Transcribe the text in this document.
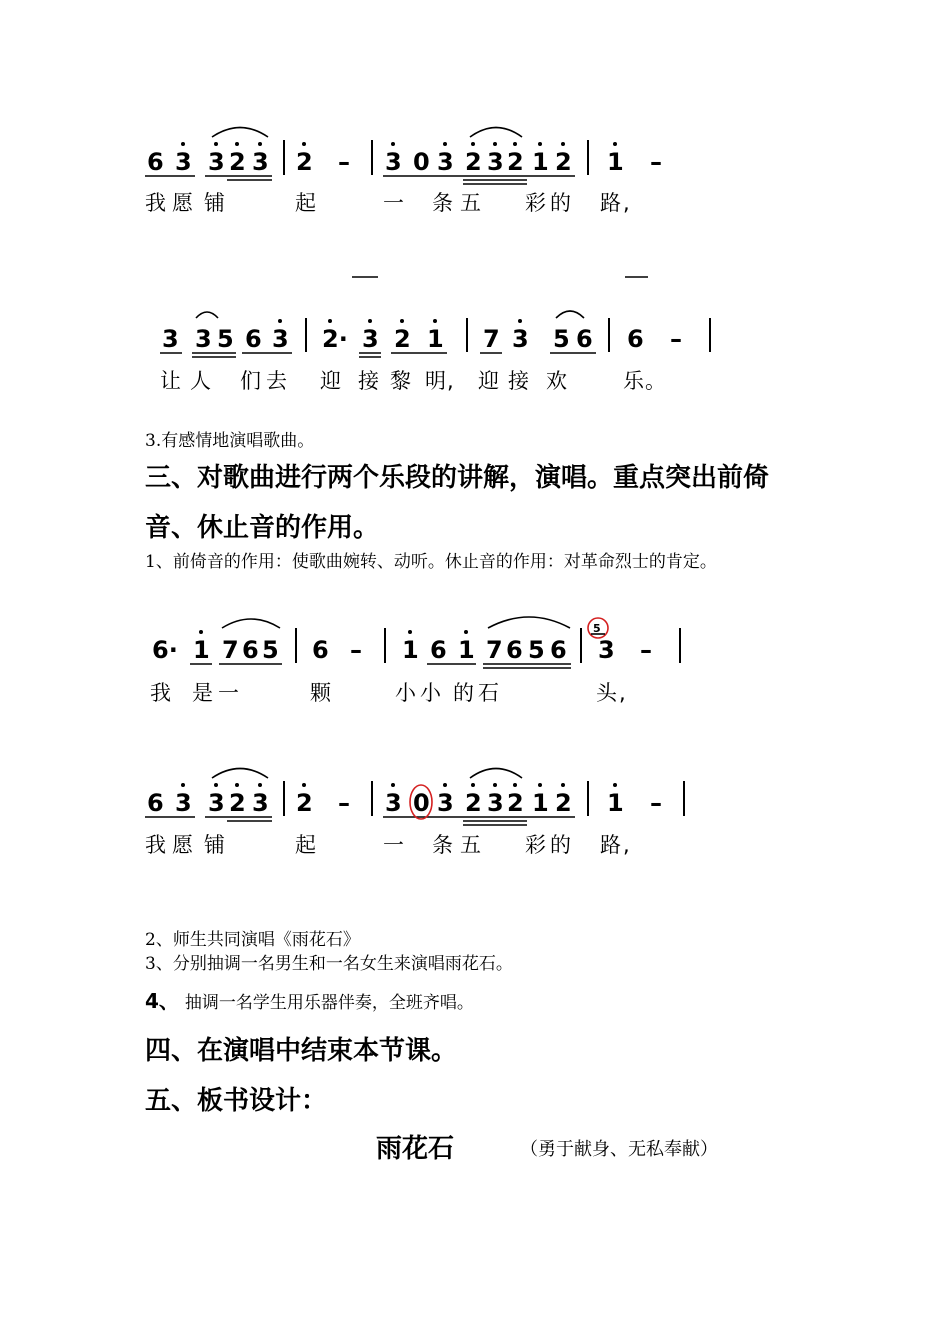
6 3 3 2 3 2 – 3 0 3 2 3 2 1 2 1 –
我 愿 铺	起	一 条 五 彩 的 路 ,
3 3 5 6 3 2· 3 2 1 7 3 5 6 6 –
让 人 们 去 迎 接 黎 明 , 迎 接 欢	乐 。
6· 1 7 6 5 6 – 1 6 1 7 6 5 6 3 –
5
我 是 一	颗	小 小 的 石	头 ,
6 3 3 2 3 2 – 3 0 3 2 3 2 1 2 1 –
我 愿 铺	起	一 条 五 彩 的 路 ,
3.有感情地演唱歌曲。
三、对歌曲进行两个乐段的讲解，演唱。重点突出前倚
音、休止音的作用。
1、前倚音的作用：使歌曲婉转、动听。休止音的作用：对革命烈士的肯定。
2、师生共同演唱《雨花石》
3、分别抽调一名男生和一名女生来演唱雨花石。
4、 抽调一名学生用乐器伴奏，全班齐唱。
四、在演唱中结束本节课。
五、板书设计：
雨花石	（勇于献身、无私奉献）
